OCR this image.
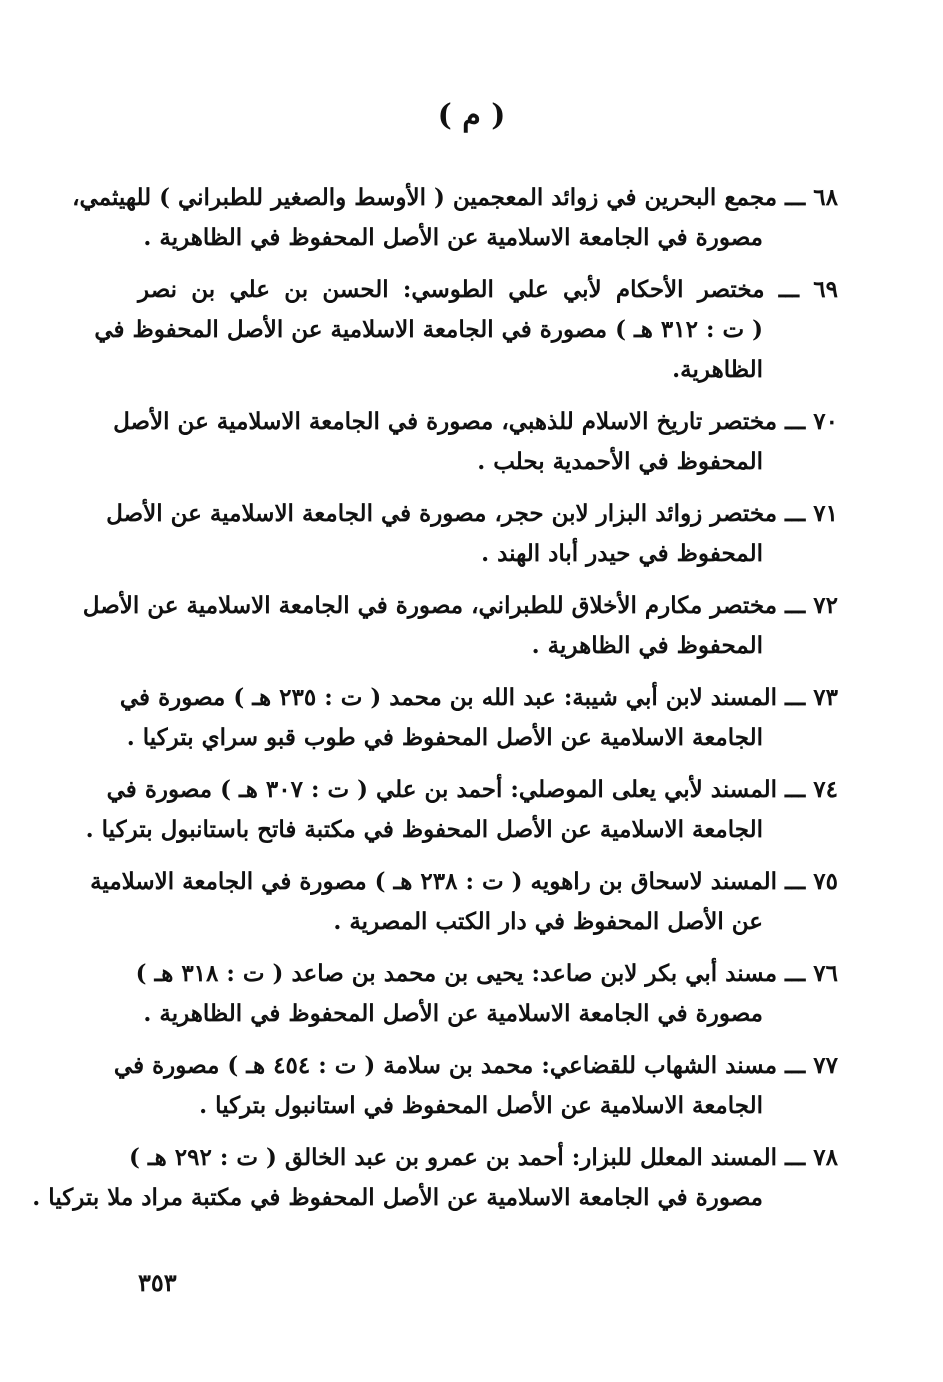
( م )
٦٨ ـــ مجمع البحرين في زوائد المعجمين ( الأوسط والصغير للطبراني ) للهيثمي،
مصورة في الجامعة الاسلامية عن الأصل المحفوظ في الظاهرية .
٦٩ ـــ مختصر الأحكام لأبي علي الطوسي: الحسن بن علي بن نصر
( ت : ٣١٢ هـ ) مصورة في الجامعة الاسلامية عن الأصل المحفوظ في
الظاهرية.
٧٠ ـــ مختصر تاريخ الاسلام للذهبي، مصورة في الجامعة الاسلامية عن الأصل
المحفوظ في الأحمدية بحلب .
٧١ ـــ مختصر زوائد البزار لابن حجر، مصورة في الجامعة الاسلامية عن الأصل
المحفوظ في حيدر أباد الهند .
٧٢ ـــ مختصر مكارم الأخلاق للطبراني، مصورة في الجامعة الاسلامية عن الأصل
المحفوظ في الظاهرية .
٧٣ ـــ المسند لابن أبي شيبة: عبد الله بن محمد ( ت : ٢٣٥ هـ ) مصورة في
الجامعة الاسلامية عن الأصل المحفوظ في طوب قبو سراي بتركيا .
٧٤ ـــ المسند لأبي يعلى الموصلي: أحمد بن علي ( ت : ٣٠٧ هـ ) مصورة في
الجامعة الاسلامية عن الأصل المحفوظ في مكتبة فاتح باستانبول بتركيا .
٧٥ ـــ المسند لاسحاق بن راهويه ( ت : ٢٣٨ هـ ) مصورة في الجامعة الاسلامية
عن الأصل المحفوظ في دار الكتب المصرية .
٧٦ ـــ مسند أبي بكر لابن صاعد: يحيى بن محمد بن صاعد ( ت : ٣١٨ هـ )
مصورة في الجامعة الاسلامية عن الأصل المحفوظ في الظاهرية .
٧٧ ـــ مسند الشهاب للقضاعي: محمد بن سلامة ( ت : ٤٥٤ هـ ) مصورة في
الجامعة الاسلامية عن الأصل المحفوظ في استانبول بتركيا .
٧٨ ـــ المسند المعلل للبزار: أحمد بن عمرو بن عبد الخالق ( ت : ٢٩٢ هـ )
مصورة في الجامعة الاسلامية عن الأصل المحفوظ في مكتبة مراد ملا بتركيا .
٣٥٣
